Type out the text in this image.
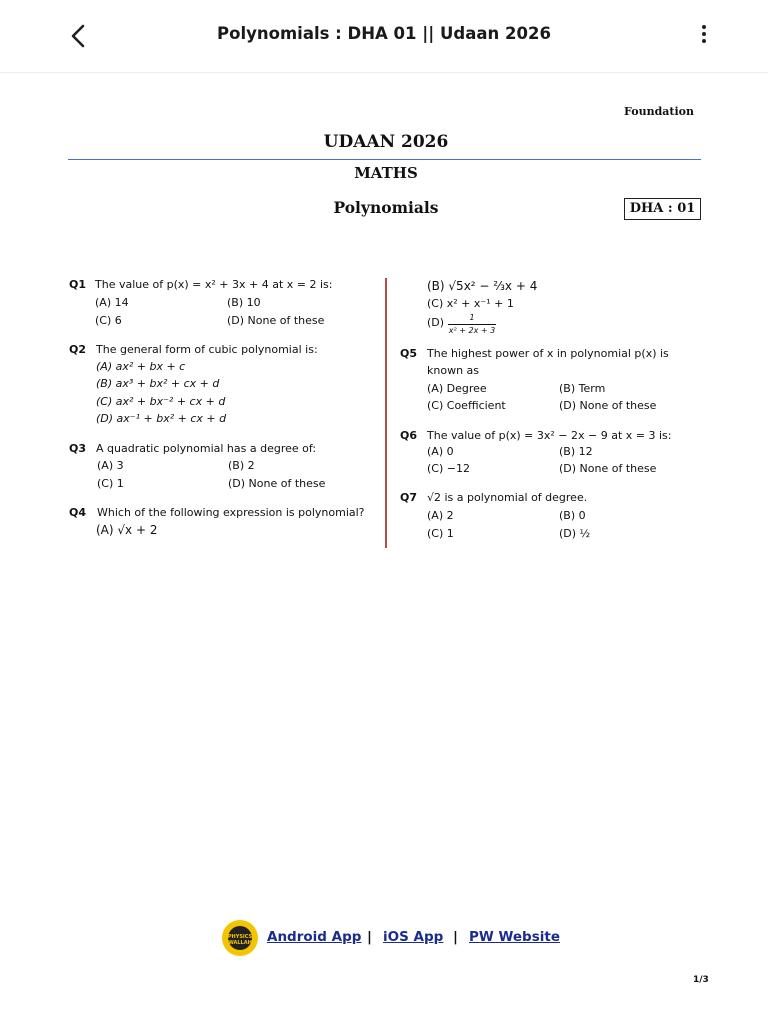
Polynomials : DHA 01 || Udaan 2026
Foundation
UDAAN 2026
MATHS
Polynomials	DHA : 01
Q1 The value of p(x) = x² + 3x + 4 at x = 2 is:
(A) 14	(B) 10
(C) 6	(D) None of these
Q2 The general form of cubic polynomial is:
(A) ax² + bx + c
(B) ax³ + bx² + cx + d
(C) ax² + bx⁻² + cx + d
(D) ax⁻¹ + bx² + cx + d
Q3 A quadratic polynomial has a degree of:
(A) 3	(B) 2
(C) 1	(D) None of these
Q4 Which of the following expression is polynomial?
(A) √x + 2
(B) √5x² − ⅔x + 4
(C) x² + x⁻¹ + 1
(D)	1
x² + 2x + 3
Q5 The highest power of x in polynomial p(x) is
known as
(A) Degree	(B) Term
(C) Coefficient	(D) None of these
Q6 The value of p(x) = 3x² − 2x − 9 at x = 3 is:
(A) 0	(B) 12
(C) −12	(D) None of these
Q7 √2 is a polynomial of degree.
(A) 2	(B) 0
(C) 1	(D) ½
PHYSICS WALLAH	Android App | iOS App | PW Website
1/3
